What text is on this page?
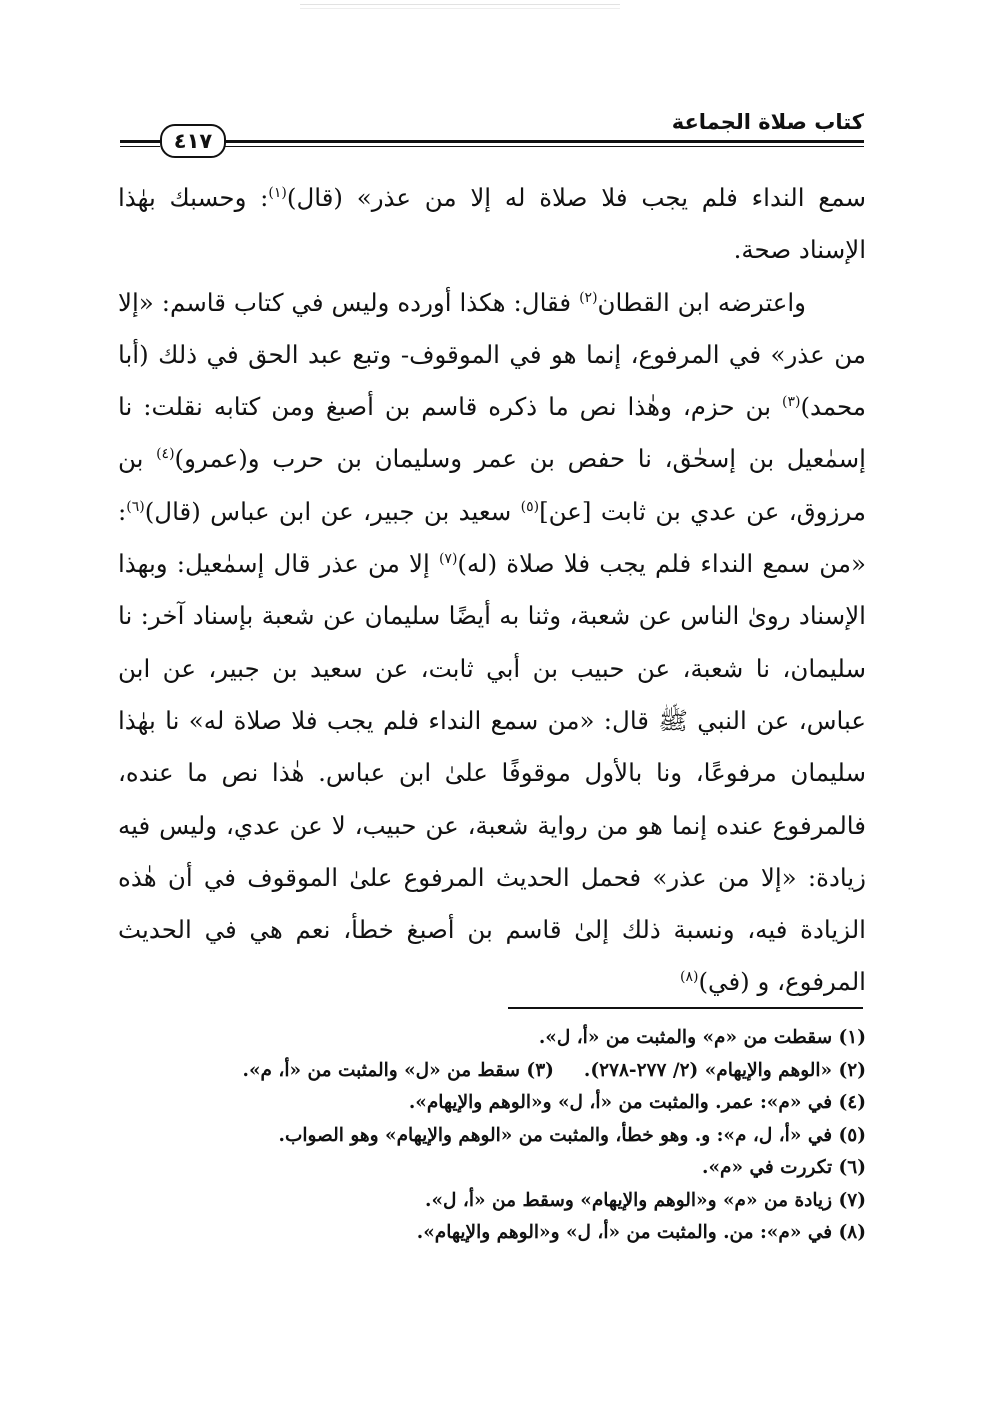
كتاب صلاة الجماعة
٤١٧

سمع النداء فلم يجب فلا صلاة له إلا من عذر» (قال)$^{(١)}$: وحسبك بهٰذا الإسناد صحة.

واعترضه ابن القطان$^{(٢)}$ فقال: هكذا أورده وليس في كتاب قاسم: «إلا من عذر» في المرفوع، إنما هو في الموقوف- وتبع عبد الحق في ذلك (أبا محمد)$^{(٣)}$ بن حزم، وهٰذا نص ما ذكره قاسم بن أصبغ ومن كتابه نقلت: نا إسمٰعيل بن إسحٰق، نا حفص بن عمر وسليمان بن حرب و(عمرو)$^{(٤)}$ بن مرزوق، عن عدي بن ثابت [عن]$^{(٥)}$ سعيد بن جبير، عن ابن عباس (قال)$^{(٦)}$: «من سمع النداء فلم يجب فلا صلاة (له)$^{(٧)}$ إلا من عذر قال إسمٰعيل: وبهذا الإسناد روىٰ الناس عن شعبة، وثنا به أيضًا سليمان عن شعبة بإسناد آخر: نا سليمان، نا شعبة، عن حبيب بن أبي ثابت، عن سعيد بن جبير، عن ابن عباس، عن النبي ﷺ قال: «من سمع النداء فلم يجب فلا صلاة له» نا بهٰذا سليمان مرفوعًا، ونا بالأول موقوفًا علىٰ ابن عباس. هٰذا نص ما عنده، فالمرفوع عنده إنما هو من رواية شعبة، عن حبيب، لا عن عدي، وليس فيه زيادة: «إلا من عذر» فحمل الحديث المرفوع علىٰ الموقوف في أن هٰذه الزيادة فيه، ونسبة ذلك إلىٰ قاسم بن أصبغ خطأ، نعم هي في الحديث المرفوع، و (في)$^{(٨)}$

(١) سقطت من «م» والمثبت من «أ، ل».
(٢) «الوهم والإيهام» (٢/ ٢٧٧-٢٧٨).(٣) سقط من «ل» والمثبت من «أ، م».
(٤) في «م»: عمر. والمثبت من «أ، ل» و«الوهم والإيهام».
(٥) في «أ، ل، م»: و. وهو خطأ، والمثبت من «الوهم والإيهام» وهو الصواب.
(٦) تكررت في «م».
(٧) زيادة من «م» و«الوهم والإيهام» وسقط من «أ، ل».
(٨) في «م»: من. والمثبت من «أ، ل» و«الوهم والإيهام».
